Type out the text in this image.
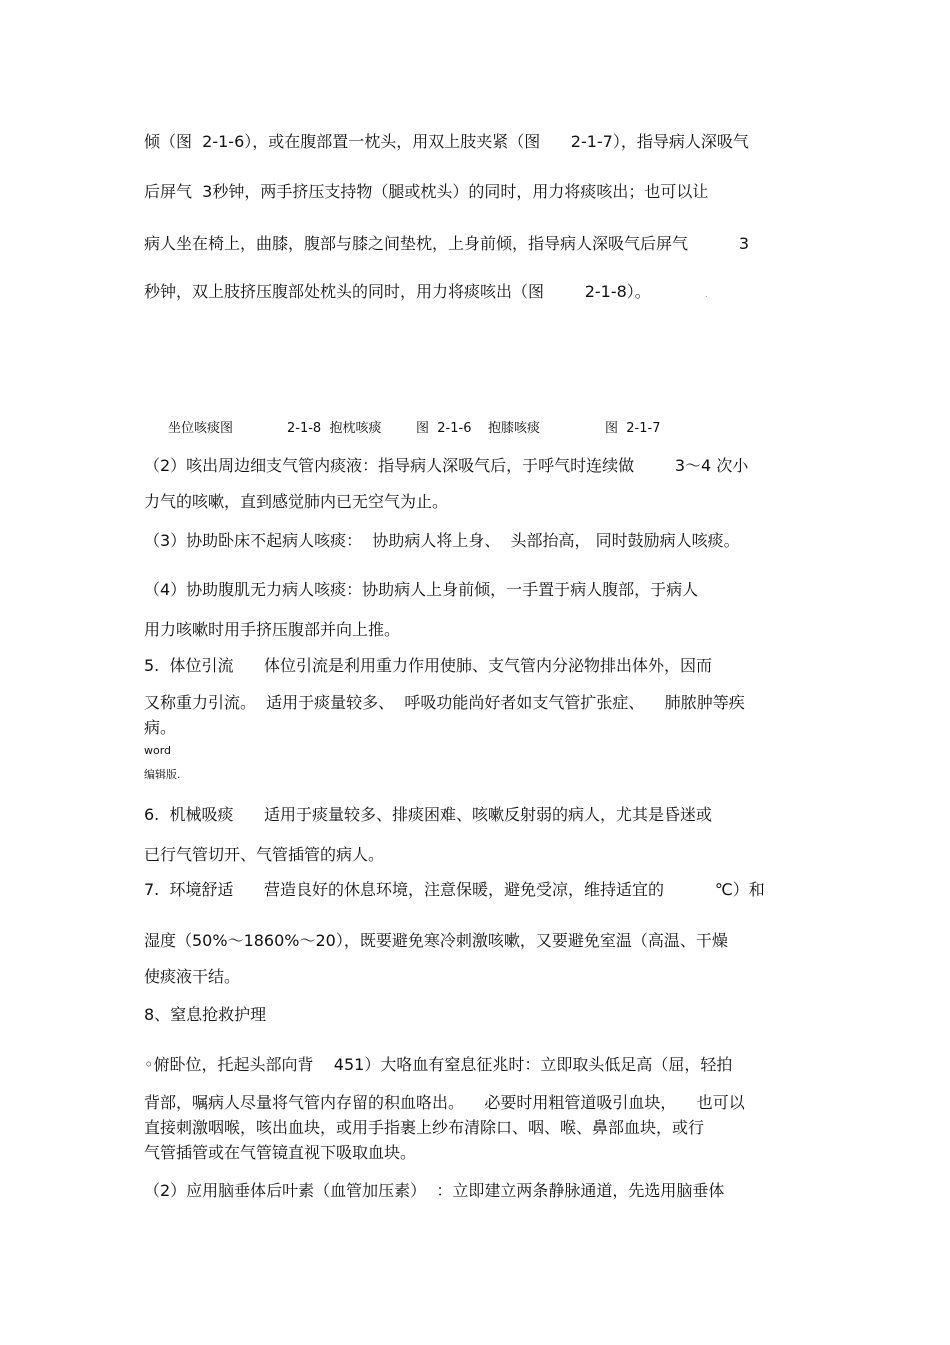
倾（图  2-1-6），或在腹部置一枕头，用双上肢夹紧（图      2-1-7），指导病人深吸气
后屏气  3秒钟，两手挤压支持物（腿或枕头）的同时，用力将痰咳出；也可以让
病人坐在椅上，曲膝，腹部与膝之间垫枕，上身前倾，指导病人深吸气后屏气          3
秒钟，双上肢挤压腹部处枕头的同时，用力将痰咳出（图        2-1-8）。	.
坐位咳痰图	2-1-8  抱枕咳痰	图  2-1-6    抱膝咳痰	图  2-1-7
（2）咳出周边细支气管内痰液：指导病人深吸气后，于呼气时连续做        3～4 次小
力气的咳嗽，直到感觉肺内已无空气为止。
（3）协助卧床不起病人咳痰：  协助病人将上身、  头部抬高， 同时鼓励病人咳痰。
（4）协助腹肌无力病人咳痰：协助病人上身前倾，一手置于病人腹部，于病人
用力咳嗽时用手挤压腹部并向上推。
5.  体位引流      体位引流是利用重力作用使肺、支气管内分泌物排出体外，因而
又称重力引流。  适用于痰量较多、  呼吸功能尚好者如支气管扩张症、    肺脓肿等疾
病。
word
编辑版.
6.  机械吸痰      适用于痰量较多、排痰困难、咳嗽反射弱的病人，尤其是昏迷或
已行气管切开、气管插管的病人。
7.  环境舒适      营造良好的休息环境，注意保暖，避免受凉，维持适宜的          ℃）和
湿度（50%～1860%～20），既要避免寒冷刺激咳嗽，又要避免室温（高温、干燥
使痰液干结。
8、窒息抢救护理
◦俯卧位，托起头部向背    451）大咯血有窒息征兆时：立即取头低足高（屈，轻拍
背部，嘱病人尽量将气管内存留的积血咯出。    必要时用粗管道吸引血块，    也可以
直接刺激咽喉，咳出血块，或用手指裹上纱布清除口、咽、喉、鼻部血块，或行
气管插管或在气管镜直视下吸取血块。
（2）应用脑垂体后叶素（血管加压素）  ：立即建立两条静脉通道，先选用脑垂体
